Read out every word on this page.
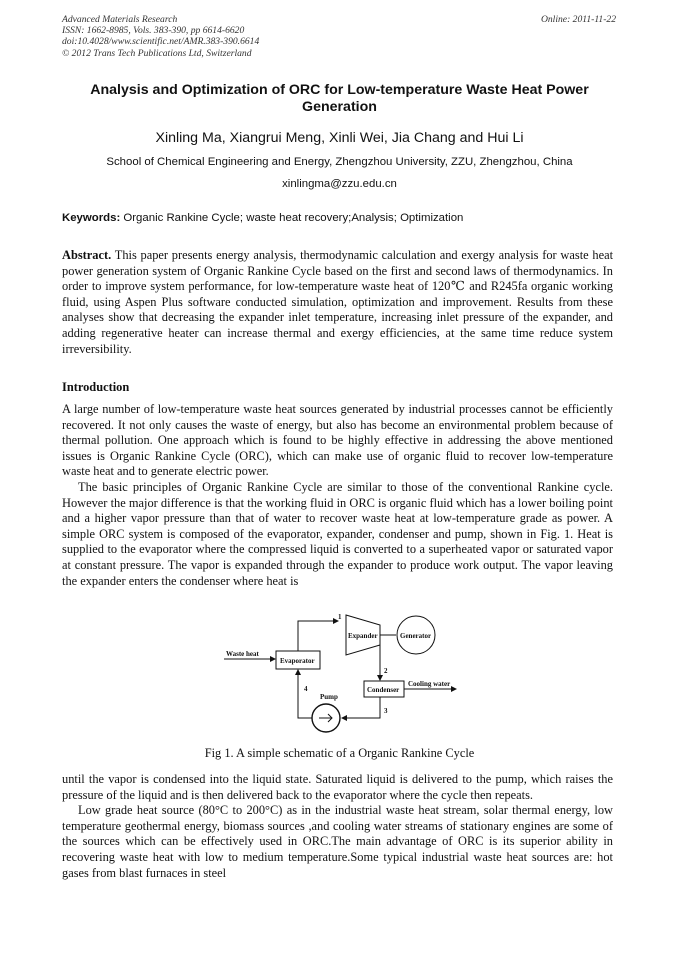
Advanced Materials Research
ISSN: 1662-8985, Vols. 383-390, pp 6614-6620
doi:10.4028/www.scientific.net/AMR.383-390.6614
© 2012 Trans Tech Publications Ltd, Switzerland
Online: 2011-11-22
Analysis and Optimization of ORC for Low-temperature Waste Heat Power Generation
Xinling Ma, Xiangrui Meng, Xinli Wei, Jia Chang and Hui Li
School of Chemical Engineering and Energy, Zhengzhou University, ZZU, Zhengzhou, China
xinlingma@zzu.edu.cn
Keywords: Organic Rankine Cycle; waste heat recovery;Analysis; Optimization
Abstract. This paper presents energy analysis, thermodynamic calculation and exergy analysis for waste heat power generation system of Organic Rankine Cycle based on the first and second laws of thermodynamics. In order to improve system performance, for low-temperature waste heat of 120℃ and R245fa organic working fluid, using Aspen Plus software conducted simulation, optimization and improvement. Results from these analyses show that decreasing the expander inlet temperature, increasing inlet pressure of the expander, and adding regenerative heater can increase thermal and exergy efficiencies, at the same time reduce system irreversibility.
Introduction

A large number of low-temperature waste heat sources generated by industrial processes cannot be efficiently recovered. It not only causes the waste of energy, but also has become an environmental problem because of thermal pollution. One approach which is found to be highly effective in addressing the above mentioned issues is Organic Rankine Cycle (ORC), which can make use of organic fluid to recover low-temperature waste heat and to generate electric power.

The basic principles of Organic Rankine Cycle are similar to those of the conventional Rankine cycle. However the major difference is that the working fluid in ORC is organic fluid which has a lower boiling point and a higher vapor pressure than that of water to recover waste heat at low-temperature grade as power. A simple ORC system is composed of the evaporator, expander, condenser and pump, shown in Fig. 1. Heat is supplied to the evaporator where the compressed liquid is converted to a superheated vapor or saturated vapor at constant pressure. The vapor is expanded through the expander to produce work output. The vapor leaving the expander enters the condenser where heat is

Waste heat
Evaporator
1
Expander	Generator
2
Condenser
Cooling water
3
Pump
4
Fig 1. A simple schematic of a Organic Rankine Cycle

until the vapor is condensed into the liquid state. Saturated liquid is delivered to the pump, which raises the pressure of the liquid and is then delivered back to the evaporator where the cycle then repeats.

Low grade heat source (80°C to 200°C) as in the industrial waste heat stream, solar thermal energy, low temperature geothermal energy, biomass sources ,and cooling water streams of stationary engines are some of the sources which can be effectively used in ORC.The main advantage of ORC is its superior ability in recovering waste heat with low to medium temperature.Some typical industrial waste heat sources are: hot gases from blast furnaces in steel
